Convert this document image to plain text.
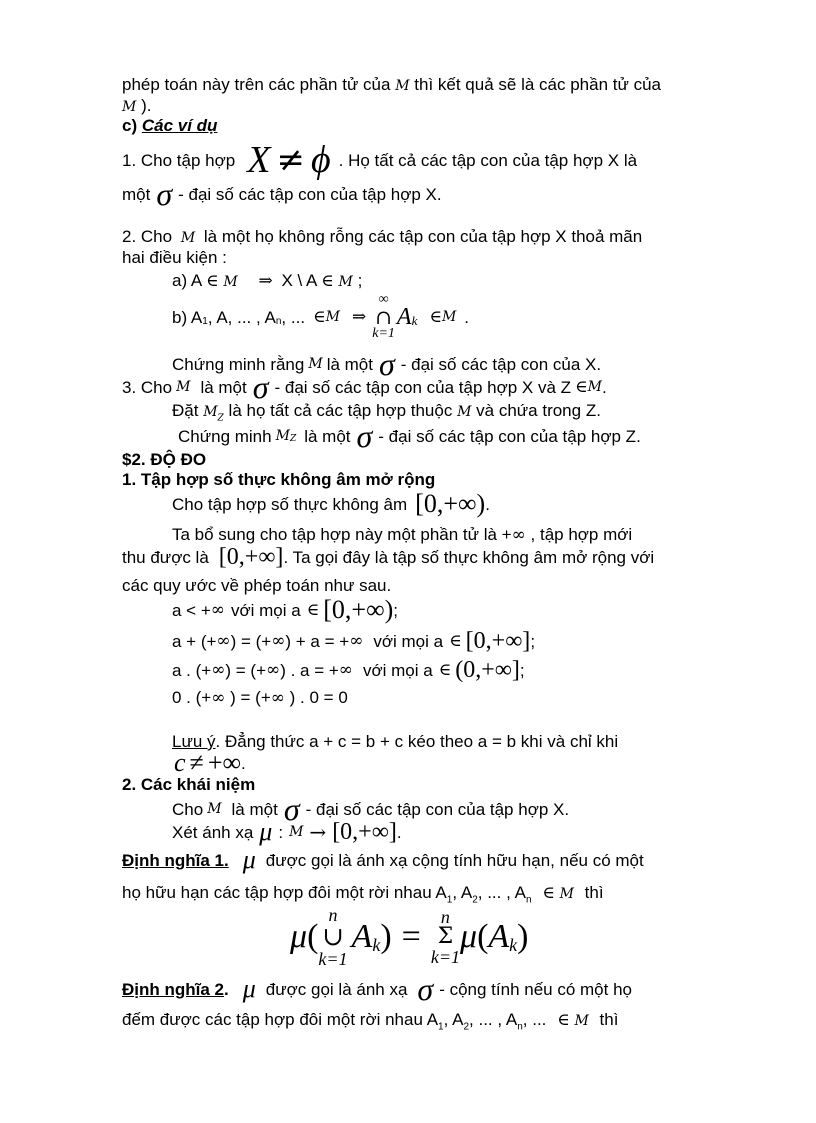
phép toán này trên các phần tử của M thì kết quả sẽ là các phần tử của
M ).
c) Các ví dụ
1. Cho tập hợp X ≠ ϕ . Họ tất cả các tập con của tập hợp X là
một σ - đại số các tập con của tập hợp X.
2. Cho M là một họ không rỗng các tập con của tập hợp X thoả mãn
hai điều kiện :
a) A ∈ M ⇒ X \ A ∈ M ;
b) $A_1$ , A, ... , $A_n$ , ... ∈ M ⇒
∞
∩
k=1
$A_k$ ∈ M .
Chứng minh rằng M là một σ - đại số các tập con của X.
3. Cho M là một σ - đại số các tập con của tập hợp X và Z ∈ M .
Đặt $M_Z$ là họ tất cả các tập hợp thuộc M và chứa trong Z.
Chứng minh $M_Z$ là một σ - đại số các tập con của tập hợp Z.
$2. ĐỘ ĐO
1. Tập hợp số thực không âm mở rộng
Cho tập hợp số thực không âm [0,+∞) .
Ta bổ sung cho tập hợp này một phần tử là +∞ , tập hợp mới
thu được là [0,+∞] . Ta gọi đây là tập số thực không âm mở rộng với
các quy ước về phép toán như sau.
a < + ∞ với mọi a ∈ [0,+∞) ;
a + (+ ∞ ) = (+ ∞ ) + a = + ∞ với mọi a ∈ [0,+∞] ;
a . (+ ∞ ) = (+ ∞ ) . a = + ∞ với mọi a ∈ (0,+∞] ;
0 . (+∞ ) = (+∞ ) . 0 = 0
Lưu ý. Đẳng thức a + c = b + c kéo theo a = b khi và chỉ khi
c ≠ +∞ .
2. Các khái niệm
Cho M là một σ - đại số các tập con của tập hợp X.
Xét ánh xạ μ : M → [0,+∞] .
Định nghĩa 1. μ được gọi là ánh xạ cộng tính hữu hạn, nếu có một
họ hữu hạn các tập hợp đôi một rời nhau $A_1$, $A_2$, ... , $A_n$ ∈ M thì
μ (
n
∪
k=1
$A_k$ ) =
n
Σ
k=1
μ ( $A_k$ )
Định nghĩa 2 . μ được gọi là ánh xạ σ - cộng tính nếu có một họ
đếm được các tập hợp đôi một rời nhau $A_1$, $A_2$, ... , $A_n$, ... ∈ M thì
